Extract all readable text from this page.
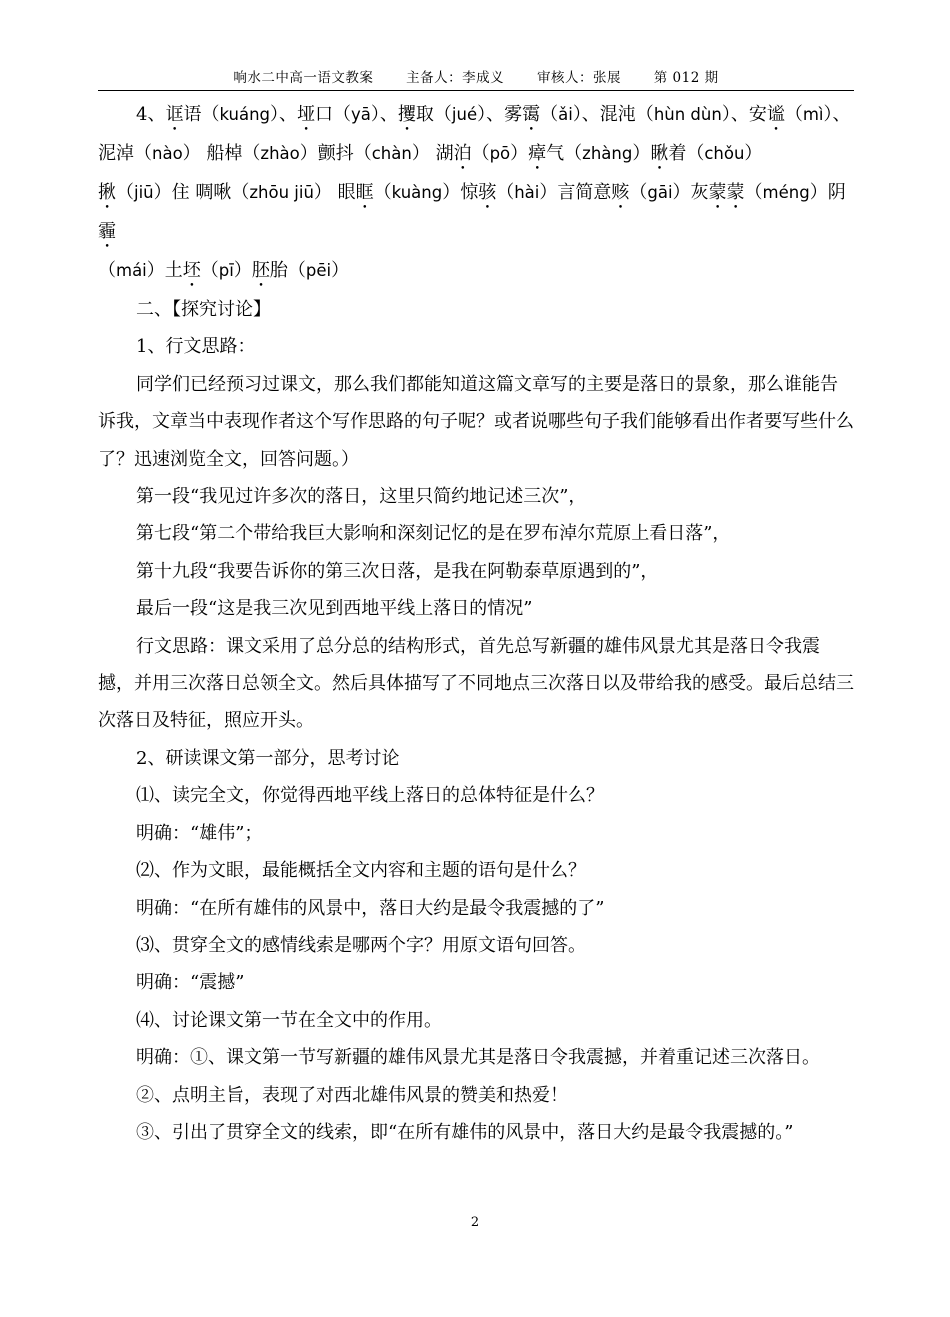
响水二中高一语文教案 主备人：李成义 审核人：张展 第 012 期

4、诓语（kuáng）、垭口（yā）、攫取（jué）、雾霭（ǎi）、混沌（hùn dùn）、安谧（mì）、

泥淖（nào） 船棹（zhào）颤抖（chàn） 湖泊（pō）瘴气（zhàng）瞅着（chǒu）

揪（jiū）住 啁啾（zhōu jiū） 眼眶（kuàng）惊骇（hài）言简意赅（gāi）灰蒙蒙（méng）阴霾

（mái）土坯（pī）胚胎（pēi）

二、【探究讨论】

1、行文思路：

同学们已经预习过课文，那么我们都能知道这篇文章写的主要是落日的景象，那么谁能告诉我，文章当中表现作者这个写作思路的句子呢？或者说哪些句子我们能够看出作者要写些什么了？迅速浏览全文，回答问题。）

第一段“我见过许多次的落日，这里只简约地记述三次”，

第七段“第二个带给我巨大影响和深刻记忆的是在罗布淖尔荒原上看日落”，

第十九段“我要告诉你的第三次日落，是我在阿勒泰草原遇到的”，

最后一段“这是我三次见到西地平线上落日的情况”

行文思路：课文采用了总分总的结构形式，首先总写新疆的雄伟风景尤其是落日令我震撼，并用三次落日总领全文。然后具体描写了不同地点三次落日以及带给我的感受。最后总结三次落日及特征，照应开头。

2、研读课文第一部分，思考讨论

⑴、读完全文，你觉得西地平线上落日的总体特征是什么？

明确：“雄伟”；

⑵、作为文眼，最能概括全文内容和主题的语句是什么？

明确：“在所有雄伟的风景中，落日大约是最令我震撼的了”

⑶、贯穿全文的感情线索是哪两个字？用原文语句回答。

明确：“震撼”

⑷、讨论课文第一节在全文中的作用。

明确：①、课文第一节写新疆的雄伟风景尤其是落日令我震撼，并着重记述三次落日。

②、点明主旨，表现了对西北雄伟风景的赞美和热爱！

③、引出了贯穿全文的线索，即“在所有雄伟的风景中，落日大约是最令我震撼的。”

2
